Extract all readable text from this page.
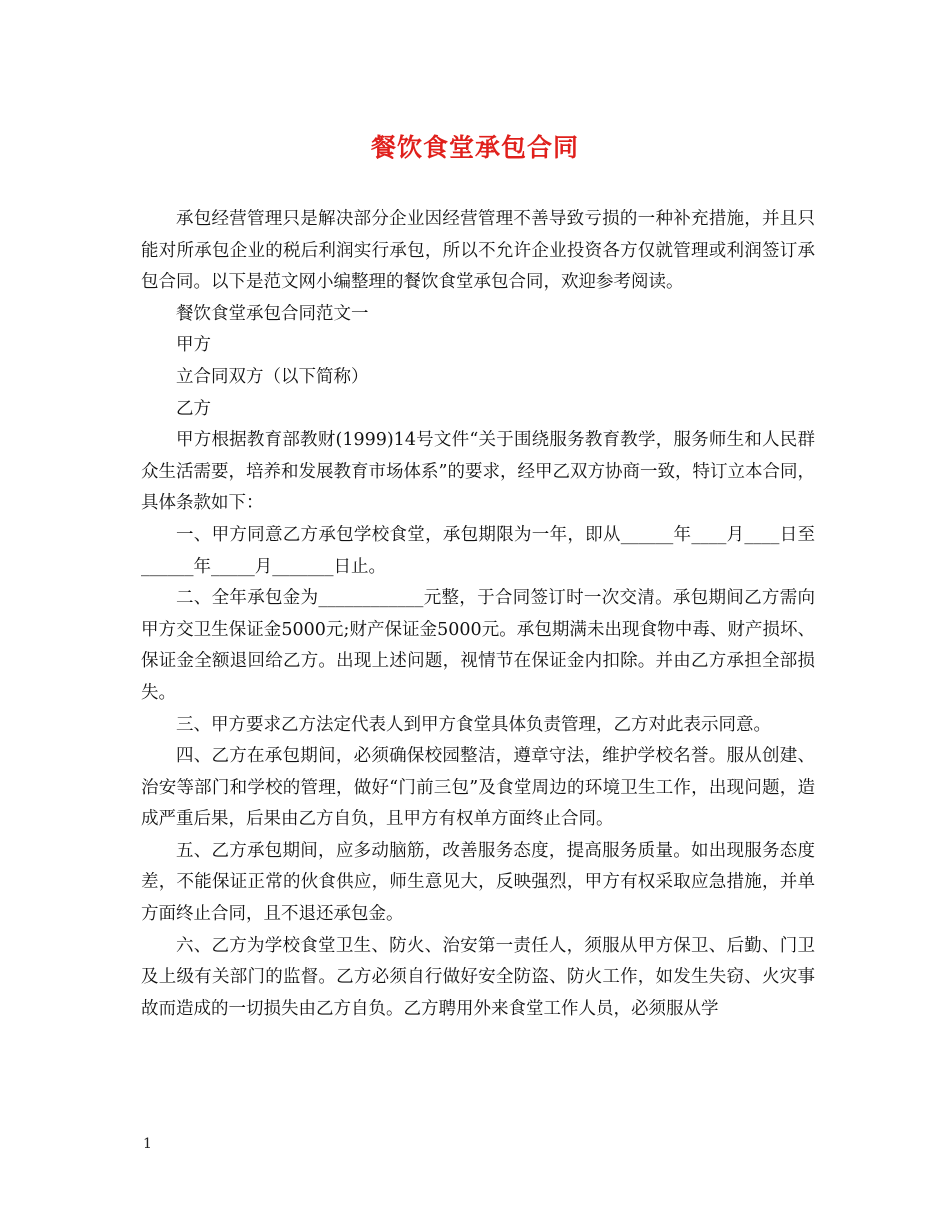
餐饮食堂承包合同

承包经营管理只是解决部分企业因经营管理不善导致亏损的一种补充措施，并且只能对所承包企业的税后利润实行承包，所以不允许企业投资各方仅就管理或利润签订承包合同。以下是范文网小编整理的餐饮食堂承包合同，欢迎参考阅读。

餐饮食堂承包合同范文一

甲方

立合同双方（以下简称）

乙方

甲方根据教育部教财(1999)14号文件“关于围绕服务教育教学，服务师生和人民群众生活需要，培养和发展教育市场体系”的要求，经甲乙双方协商一致，特订立本合同，具体条款如下：

一、甲方同意乙方承包学校食堂，承包期限为一年，即从______年____月____日至______年_____月_______日止。

二、全年承包金为____________元整，于合同签订时一次交清。承包期间乙方需向甲方交卫生保证金5000元;财产保证金5000元。承包期满未出现食物中毒、财产损坏、保证金全额退回给乙方。出现上述问题，视情节在保证金内扣除。并由乙方承担全部损失。

三、甲方要求乙方法定代表人到甲方食堂具体负责管理，乙方对此表示同意。

四、乙方在承包期间，必须确保校园整洁，遵章守法，维护学校名誉。服从创建、治安等部门和学校的管理，做好“门前三包”及食堂周边的环境卫生工作，出现问题，造成严重后果，后果由乙方自负，且甲方有权单方面终止合同。

五、乙方承包期间，应多动脑筋，改善服务态度，提高服务质量。如出现服务态度差，不能保证正常的伙食供应，师生意见大，反映强烈，甲方有权采取应急措施，并单方面终止合同，且不退还承包金。

六、乙方为学校食堂卫生、防火、治安第一责任人，须服从甲方保卫、后勤、门卫及上级有关部门的监督。乙方必须自行做好安全防盗、防火工作，如发生失窃、火灾事故而造成的一切损失由乙方自负。乙方聘用外来食堂工作人员，必须服从学

1
